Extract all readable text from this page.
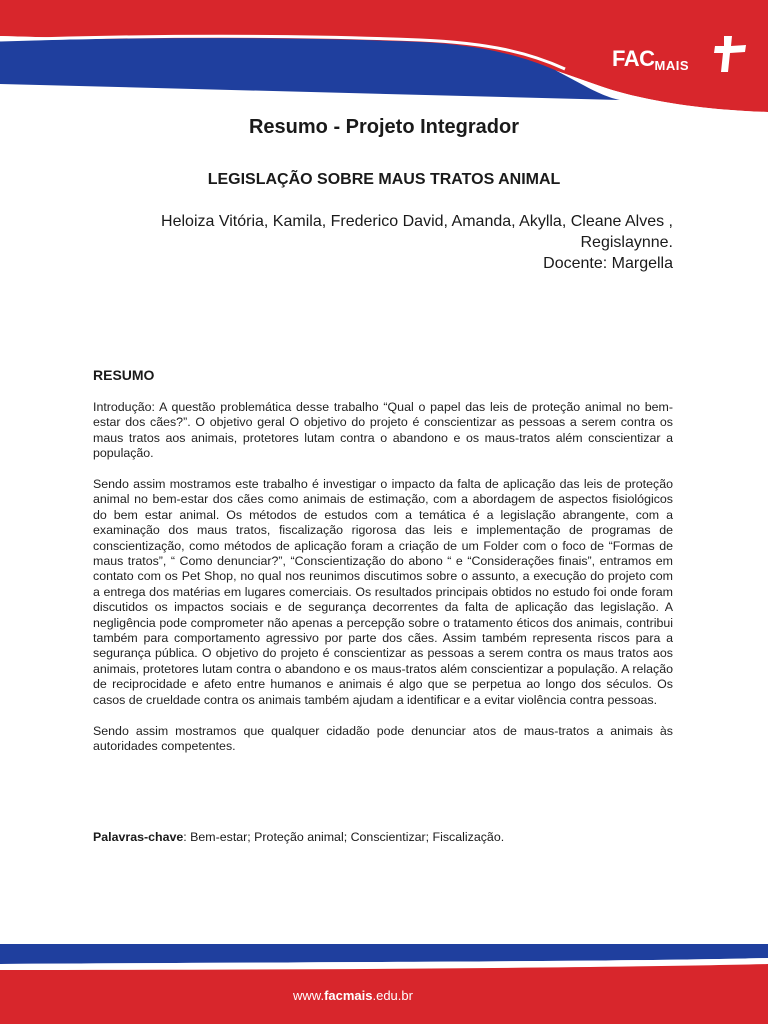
$FAC_{MAIS}$
Resumo - Projeto Integrador
LEGISLAÇÃO SOBRE MAUS TRATOS ANIMAL
Heloiza Vitória, Kamila, Frederico David, Amanda, Akylla, Cleane Alves ,
Regislaynne.
Docente: Margella
RESUMO

Introdução: A questão problemática desse trabalho “Qual o papel das leis de proteção animal no bem-estar dos cães?”. O objetivo geral O objetivo do projeto é conscientizar as pessoas a serem contra os maus tratos aos animais, protetores lutam contra o abandono e os maus-tratos além conscientizar a população.

Sendo assim mostramos este trabalho é investigar o impacto da falta de aplicação das leis de proteção animal no bem-estar dos cães como animais de estimação, com a abordagem de aspectos fisiológicos do bem estar animal. Os métodos de estudos com a temática é a legislação abrangente, com a examinação dos maus tratos, fiscalização rigorosa das leis e implementação de programas de conscientização, como métodos de aplicação foram a criação de um Folder com o foco de “Formas de maus tratos”, “ Como denunciar?”, “Conscientização do abono “ e “Considerações finais”, entramos em contato com os Pet Shop, no qual nos reunimos discutimos sobre o assunto, a execução do projeto com a entrega dos matérias em lugares comerciais. Os resultados principais obtidos no estudo foi onde foram discutidos os impactos sociais e de segurança decorrentes da falta de aplicação das legislação. A negligência pode comprometer não apenas a percepção sobre o tratamento éticos dos animais, contribui também para comportamento agressivo por parte dos cães. Assim também representa riscos para a segurança pública. O objetivo do projeto é conscientizar as pessoas a serem contra os maus tratos aos animais, protetores lutam contra o abandono e os maus-tratos além conscientizar a população. A relação de reciprocidade e afeto entre humanos e animais é algo que se perpetua ao longo dos séculos. Os casos de crueldade contra os animais também ajudam a identificar e a evitar violência contra pessoas.

Sendo assim mostramos que qualquer cidadão pode denunciar atos de maus-tratos a animais às autoridades competentes.

Palavras-chave: Bem-estar; Proteção animal; Conscientizar; Fiscalização.

www.facmais.edu.br
